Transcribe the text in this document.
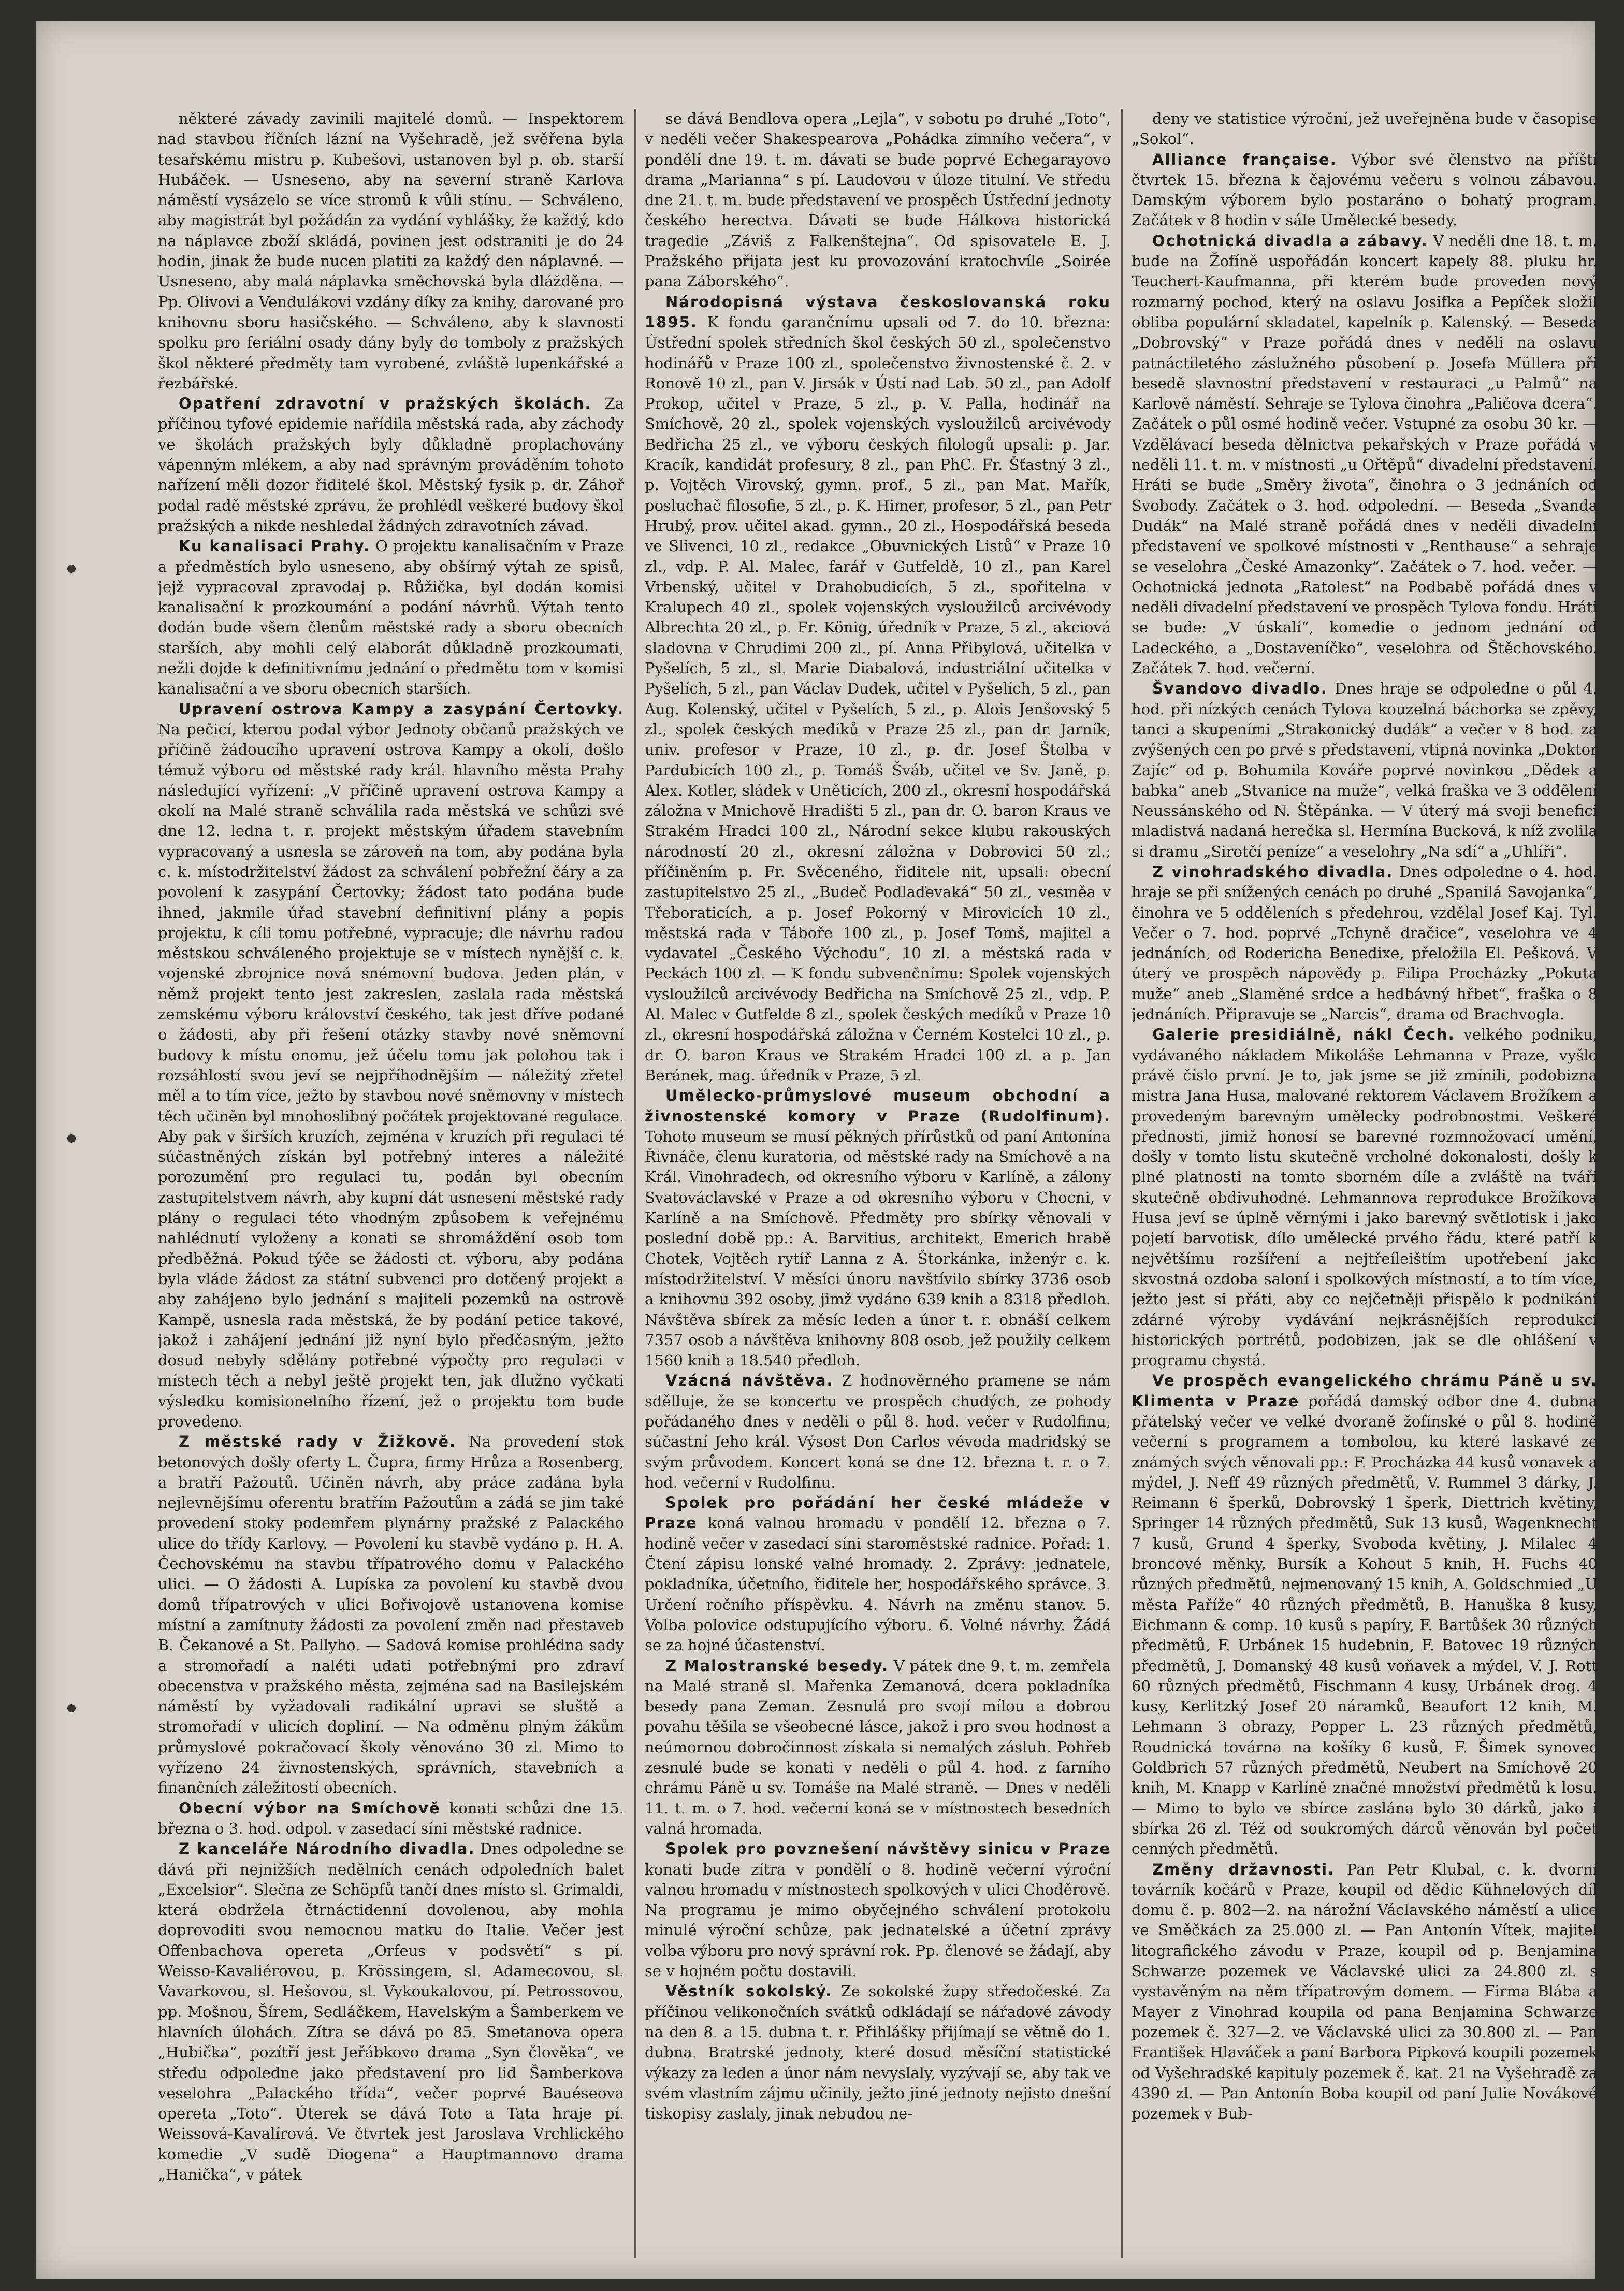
některé závady zavinili majitelé domů. — Inspektorem nad stavbou říčních lázní na Vyšehradě, jež svěřena byla tesařskému mistru p. Kubešovi, ustanoven byl p. ob. starší Hubáček. — Usneseno, aby na severní straně Karlova náměstí vysázelo se více stromů k vůli stínu. — Schváleno, aby magistrát byl požádán za vydání vyhlášky, že každý, kdo na náplavce zboží skládá, povinen jest odstraniti je do 24 hodin, jinak že bude nucen platiti za každý den náplavné. — Usneseno, aby malá náplavka směchovská byla dlážděna. — Pp. Olivovi a Vendulákovi vzdány díky za knihy, darované pro knihovnu sboru hasičského. — Schváleno, aby k slavnosti spolku pro feriální osady dány byly do tomboly z pražských škol některé předměty tam vyrobené, zvláště lupenkářské a řezbářské.

Opatření zdravotní v pražských školách. Za příčinou tyfové epidemie nařídila městská rada, aby záchody ve školách pražských byly důkladně proplachovány vápenným mlékem, a aby nad správným prováděním tohoto nařízení měli dozor řiditelé škol. Městský fysik p. dr. Záhoř podal radě městské zprávu, že prohlédl veškeré budovy škol pražských a nikde neshledal žádných zdravotních závad.

Ku kanalisaci Prahy. O projektu kanalisačním v Praze a předměstích bylo usneseno, aby obšírný výtah ze spisů, jejž vypracoval zpravodaj p. Růžička, byl dodán komisi kanalisační k prozkoumání a podání návrhů. Výtah tento dodán bude všem členům městské rady a sboru obecních starších, aby mohli celý elaborát důkladně prozkoumati, nežli dojde k definitivnímu jednání o předmětu tom v komisi kanalisační a ve sboru obecních starších.

Upravení ostrova Kampy a zasypání Čertovky. Na pečicí, kterou podal výbor Jednoty občanů pražských ve příčině žádoucího upravení ostrova Kampy a okolí, došlo témuž výboru od městské rady král. hlavního města Prahy následující vyřízení: „V příčině upravení ostrova Kampy a okolí na Malé straně schválila rada městská ve schůzi své dne 12. ledna t. r. projekt městským úřadem stavebním vypracovaný a usnesla se zároveň na tom, aby podána byla c. k. místodržitelství žádost za schválení pobřežní čáry a za povolení k zasypání Čertovky; žádost tato podána bude ihned, jakmile úřad stavební definitivní plány a popis projektu, k cíli tomu potřebné, vypracuje; dle návrhu radou městskou schváleného projektuje se v místech nynější c. k. vojenské zbrojnice nová snémovní budova. Jeden plán, v němž projekt tento jest zakreslen, zaslala rada městská zemskému výboru království českého, tak jest dříve podané o žádosti, aby při řešení otázky stavby nové sněmovní budovy k místu onomu, jež účelu tomu jak polohou tak i rozsáhlostí svou jeví se nejpříhodnějším — náležitý zřetel měl a to tím více, ježto by stavbou nové sněmovny v místech těch učiněn byl mnohoslibný počátek projektované regulace. Aby pak v širších kruzích, zejména v kruzích při regulaci té súčastněných získán byl potřebný interes a náležité porozumění pro regulaci tu, podán byl obecním zastupitelstvem návrh, aby kupní dát usnesení městské rady plány o regulaci této vhodným způsobem k veřejnému nahlédnutí vyloženy a konati se shromáždění osob tom předběžná. Pokud týče se žádosti ct. výboru, aby podána byla vláde žádost za státní subvenci pro dotčený projekt a aby zahájeno bylo jednání s majiteli pozemků na ostrově Kampě, usnesla rada městská, že by podání petice takové, jakož i zahájení jednání již nyní bylo předčasným, ježto dosud nebyly sdělány potřebné výpočty pro regulaci v místech těch a nebyl ještě projekt ten, jak dlužno vyčkati výsledku komisionelního řízení, jež o projektu tom bude provedeno.

Z městské rady v Žižkově. Na provedení stok betonových došly oferty L. Čupra, firmy Hrůza a Rosenberg, a bratří Pažoutů. Učiněn návrh, aby práce zadána byla nejlevnějšímu oferentu bratřím Pažoutům a zádá se jim také provedení stoky podemřem plynárny pražské z Palackého ulice do třídy Karlovy. — Povolení ku stavbě vydáno p. H. A. Čechovskému na stavbu třípatrového domu v Palackého ulici. — O žádosti A. Lupíska za povolení ku stavbě dvou domů třípatrových v ulici Bořivojově ustanovena komise místní a zamítnuty žádosti za povolení změn nad přestaveb B. Čekanové a St. Pallyho. — Sadová komise prohlédna sady a stromořadí a naléti udati potřebnými pro zdraví obecenstva v pražského města, zejména sad na Basilejském náměstí by vyžadovali radikální upravi se sluště a stromořadí v ulicích dopliní. — Na odměnu plným žákům průmyslové pokračovací školy věnováno 30 zl. Mimo to vyřízeno 24 živnostenských, správních, stavebních a finančních záležitostí obecních.

Obecní výbor na Smíchově konati schůzi dne 15. března o 3. hod. odpol. v zasedací síni městské radnice.

Z kanceláře Národního divadla. Dnes odpoledne se dává při nejnižších nedělních cenách odpoledních balet „Excelsior“. Slečna ze Schöpfů tančí dnes místo sl. Grimaldi, která obdržela čtrnáctidenní dovolenou, aby mohla doprovoditi svou nemocnou matku do Italie. Večer jest Offenbachova opereta „Orfeus v podsvětí“ s pí. Weisso‑Kavaliérovou, p. Krössingem, sl. Adamecovou, sl. Vavarkovou, sl. Hešovou, sl. Vykoukalovou, pí. Petrossovou, pp. Mošnou, Šírem, Sedláčkem, Havelským a Šamberkem ve hlavních úlohách. Zítra se dává po 85. Smetanova opera „Hubička“, pozítří jest Jeřábkovo drama „Syn člověka“, ve středu odpoledne jako představení pro lid Šamberkova veselohra „Palackého třída“, večer poprvé Bauéseova opereta „Toto“. Úterek se dává Toto a Tata hraje pí. Weissová‑Kavalírová. Ve čtvrtek jest Jaroslava Vrchlického komedie „V sudě Diogena“ a Hauptmannovo drama „Hanička“, v pátek

se dává Bendlova opera „Lejla“, v sobotu po druhé „Toto“, v neděli večer Shakespearova „Pohádka zimního večera“, v pondělí dne 19. t. m. dávati se bude poprvé Echegarayovo drama „Marianna“ s pí. Laudovou v úloze titulní. Ve středu dne 21. t. m. bude představení ve prospěch Ústřední jednoty českého herectva. Dávati se bude Hálkova historická tragedie „Záviš z Falkenštejna“. Od spisovatele E. J. Pražského přijata jest ku provozování kratochvíle „Soirée pana Záborského“.

Národopisná výstava českoslovanská roku 1895. K fondu garančnímu upsali od 7. do 10. března: Ústřední spolek středních škol českých 50 zl., společenstvo hodinářů v Praze 100 zl., společenstvo živnostenské č. 2. v Ronově 10 zl., pan V. Jirsák v Ústí nad Lab. 50 zl., pan Adolf Prokop, učitel v Praze, 5 zl., p. V. Palla, hodinář na Smíchově, 20 zl., spolek vojenských vysloužilců arcivévody Bedřicha 25 zl., ve výboru českých filologů upsali: p. Jar. Kracík, kandidát profesury, 8 zl., pan PhC. Fr. Šťastný 3 zl., p. Vojtěch Virovský, gymn. prof., 5 zl., pan Mat. Mařík, posluchač filosofie, 5 zl., p. K. Himer, profesor, 5 zl., pan Petr Hrubý, prov. učitel akad. gymn., 20 zl., Hospodářská beseda ve Slivenci, 10 zl., redakce „Obuvnických Listů“ v Praze 10 zl., vdp. P. Al. Malec, farář v Gutfeldě, 10 zl., pan Karel Vrbenský, učitel v Drahobudicích, 5 zl., spořitelna v Kralupech 40 zl., spolek vojenských vysloužilců arcivévody Albrechta 20 zl., p. Fr. König, úředník v Praze, 5 zl., akciová sladovna v Chrudimi 200 zl., pí. Anna Přibylová, učitelka v Pyšelích, 5 zl., sl. Marie Diabalová, industriální učitelka v Pyšelích, 5 zl., pan Václav Dudek, učitel v Pyšelích, 5 zl., pan Aug. Kolenský, učitel v Pyšelích, 5 zl., p. Alois Jenšovský 5 zl., spolek českých medíků v Praze 25 zl., pan dr. Jarník, univ. profesor v Praze, 10 zl., p. dr. Josef Štolba v Pardubicích 100 zl., p. Tomáš Šváb, učitel ve Sv. Janě, p. Alex. Kotler, sládek v Uněticích, 200 zl., okresní hospodářská záložna v Mnichově Hradišti 5 zl., pan dr. O. baron Kraus ve Strakém Hradci 100 zl., Národní sekce klubu rakouských národností 20 zl., okresní záložna v Dobrovici 50 zl.; příčiněním p. Fr. Svěceného, řiditele nit, upsali: obecní zastupitelstvo 25 zl., „Budeč Podlaďevaká“ 50 zl., vesměa v Třeboraticích, a p. Josef Pokorný v Mirovicích 10 zl., městská rada v Táboře 100 zl., p. Josef Tomš, majitel a vydavatel „Českého Východu“, 10 zl. a městská rada v Peckách 100 zl. — K fondu subvenčnímu: Spolek vojenských vysloužilců arcivévody Bedřicha na Smíchově 25 zl., vdp. P. Al. Malec v Gutfelde 8 zl., spolek českých medíků v Praze 10 zl., okresní hospodářská záložna v Černém Kostelci 10 zl., p. dr. O. baron Kraus ve Strakém Hradci 100 zl. a p. Jan Beránek, mag. úředník v Praze, 5 zl.

Umělecko‑průmyslové museum obchodní a živnostenské komory v Praze (Rudolfinum). Tohoto museum se musí pěkných přírůstků od paní Antonína Řivnáče, členu kuratoria, od městské rady na Smíchově a na Král. Vinohradech, od okresního výboru v Karlíně, a zálony Svatováclavské v Praze a od okresního výboru v Chocni, v Karlíně a na Smíchově. Předměty pro sbírky věnovali v poslední době pp.: A. Barvitius, architekt, Emerich hrabě Chotek, Vojtěch rytíř Lanna z A. Štorkánka, inženýr c. k. místodržitelství. V měsíci únoru navštívilo sbírky 3736 osob a knihovnu 392 osoby, jimž vydáno 639 knih a 8318 předloh. Návštěva sbírek za měsíc leden a únor t. r. obnáší celkem 7357 osob a návštěva knihovny 808 osob, jež použily celkem 1560 knih a 18.540 předloh.

Vzácná návštěva. Z hodnověrného pramene se nám sdělluje, že se koncertu ve prospěch chudých, ze pohody pořádaného dnes v neděli o půl 8. hod. večer v Rudolfinu, súčastní Jeho král. Výsost Don Carlos vévoda madridský se svým průvodem. Koncert koná se dne 12. března t. r. o 7. hod. večerní v Rudolfinu.

Spolek pro pořádání her české mládeže v Praze koná valnou hromadu v pondělí 12. března o 7. hodině večer v zasedací síni staroměstské radnice. Pořad: 1. Čtení zápisu lonské valné hromady. 2. Zprávy: jednatele, pokladníka, účetního, řiditele her, hospodářského správce. 3. Určení ročního příspěvku. 4. Návrh na změnu stanov. 5. Volba polovice odstupujícího výboru. 6. Volné návrhy. Žádá se za hojné účastenství.

Z Malostranské besedy. V pátek dne 9. t. m. zemřela na Malé straně sl. Mařenka Zemanová, dcera pokladníka besedy pana Zeman. Zesnulá pro svojí mílou a dobrou povahu těšila se všeobecné lásce, jakož i pro svou hodnost a neúmornou dobročinnost získala si nemalých zásluh. Pohřeb zesnulé bude se konati v neděli o půl 4. hod. z farního chrámu Páně u sv. Tomáše na Malé straně. — Dnes v neděli 11. t. m. o 7. hod. večerní koná se v místnostech besedních valná hromada.

Spolek pro povznešení návštěvy sinicu v Praze konati bude zítra v pondělí o 8. hodině večerní výroční valnou hromadu v místnostech spolkových v ulici Choděrově. Na programu je mimo obyčejného schválení protokolu minulé výroční schůze, pak jednatelské a účetní zprávy volba výboru pro nový správní rok. Pp. členové se žádají, aby se v hojném počtu dostavili.

Věstník sokolský. Ze sokolské župy středočeské. Za příčinou velikonočních svátků odkládají se náŕadové závody na den 8. a 15. dubna t. r. Přihlášky přijímají se větně do 1. dubna. Bratrské jednoty, které dosud měsíční statistické výkazy za leden a únor nám nevyslaly, vyzývají se, aby tak ve svém vlastním zájmu učinily, ježto jiné jednoty nejisto dnešní tiskopisy zaslaly, jinak nebudou ne-

deny ve statistice výroční, jež uveřejněna bude v časopise „Sokol“.

Alliance française. Výbor své členstvo na příští čtvrtek 15. března k čajovému večeru s volnou zábavou. Damským výborem bylo postaráno o bohatý program. Začátek v 8 hodin v sále Umělecké besedy.

Ochotnická divadla a zábavy. V neděli dne 18. t. m. bude na Žofíně uspořádán koncert kapely 88. pluku hr. Teuchert‑Kaufmanna, při kterém bude proveden nový rozmarný pochod, který na oslavu Josifka a Pepíček složil obliba populární skladatel, kapelník p. Kalenský. — Beseda „Dobrovský“ v Praze pořádá dnes v neděli na oslavu patnáctiletého záslužného působení p. Josefa Müllera při besedě slavnostní představení v restauraci „u Palmů“ na Karlově náměstí. Sehraje se Tylova činohra „Paličova dcera“. Začátek o půl osmé hodině večer. Vstupné za osobu 30 kr. — Vzdělávací beseda dělnictva pekařských v Praze pořádá v neděli 11. t. m. v místnosti „u Ořtěpů“ divadelní představení. Hráti se bude „Směry života“, činohra o 3 jednáních od Svobody. Začátek o 3. hod. odpolední. — Beseda „Svanda Dudák“ na Malé straně pořádá dnes v neděli divadelní představení ve spolkové místnosti v „Renthause“ a sehraje se veselohra „České Amazonky“. Začátek o 7. hod. večer. — Ochotnická jednota „Ratolest“ na Podbabě pořádá dnes v neděli divadelní představení ve prospěch Tylova fondu. Hráti se bude: „V úskalí“, komedie o jednom jednání od Ladeckého, a „Dostaveníčko“, veselohra od Štěchovského. Začátek 7. hod. večerní.

Švandovo divadlo. Dnes hraje se odpoledne o půl 4. hod. při nízkých cenách Tylova kouzelná báchorka se zpěvy, tanci a skupeními „Strakonický dudák“ a večer v 8 hod. za zvýšených cen po prvé s představení, vtipná novinka „Doktor Zajíc“ od p. Bohumila Kováře poprvé novinkou „Dědek a babka“ aneb „Stvanice na muže“, velká fraška ve 3 oddělení Neussánského od N. Štěpánka. — V úterý má svoji benefici mladistvá nadaná herečka sl. Hermína Bucková, k níž zvolila si dramu „Sirotčí peníze“ a veselohry „Na sdí“ a „Uhlíři“.

Z vinohradského divadla. Dnes odpoledne o 4. hod. hraje se při snížených cenách po druhé „Spanilá Savojanka“, činohra ve 5 odděleních s předehrou, vzdělal Josef Kaj. Tyl. Večer o 7. hod. poprvé „Tchyně dračice“, veselohra ve 4 jednáních, od Roderichа Benedixe, přeložila El. Pešková. V úterý ve prospěch nápovědy p. Filipa Procházky „Pokuta muže“ aneb „Slaměné srdce a hedbávný hřbet“, fraška o 8 jednáních. Připravuje se „Narcis“, drama od Brachvogla.

Galerie presidiálně, nákl Čech. velkého podniku, vydávaného nákladem Mikoláše Lehmanna v Praze, vyšlo právě číslo první. Je to, jak jsme se již zmínili, podobizna mistra Jana Husa, malované rektorem Václavem Brožíkem a provedeným barevným umělecky podrobnostmi. Veškeré přednosti, jimiž honosí se barevné rozmnožovací umění, došly v tomto listu skutečně vrcholné dokonalosti, došly k plné platnosti na tomto sborném díle a zvláště na tváři skutečně obdivuhodné. Lehmannova reprodukce Brožíkova Husa jeví se úplně věrnými i jako barevný světlotisk i jako pojetí barvotisk, dílo umělecké prvého řádu, které patří k největšímu rozšíření a nejtřeíleištím upotřebení jako skvostná ozdoba saloní i spolkových místností, a to tím více, ježto jest si přáti, aby co nejčetněji přispělo k podnikání zdárné výroby vydávání nejkrásnějších reprodukcí historických portrétů, podobizen, jak se dle ohlášení v programu chystá.

Ve prospěch evangelického chrámu Páně u sv. Klimenta v Praze pořádá damský odbor dne 4. dubna přátelský večer ve velké dvoraně žofínské o půl 8. hodině večerní s programem a tombolou, ku které laskavé ze známých svých věnovali pp.: F. Procházka 44 kusů vonavek a mýdel, J. Neff 49 různých předmětů, V. Rummel 3 dárky, J. Reimann 6 šperků, Dobrovský 1 šperk, Diettrich květiny, Springer 14 různých předmětů, Suk 13 kusů, Wagenknecht 7 kusů, Grund 4 šperky, Svoboda květiny, J. Milalec 4 broncové měnky, Bursík a Kohout 5 knih, H. Fuchs 40 různých předmětů, nejmenovaný 15 knih, A. Goldschmied „U města Paříže“ 40 různých předmětů, B. Hanuška 8 kusy, Eichmann & comp. 10 kusů s papíry, F. Bartůšek 30 různých předmětů, F. Urbánek 15 hudebnin, F. Batovec 19 různých předmětů, J. Domanský 48 kusů voňavek a mýdel, V. J. Rott 60 různých předmětů, Fischmann 4 kusy, Urbánek drog. 4 kusy, Kerlitzký Josef 20 náramků, Beaufort 12 knih, M. Lehmann 3 obrazy, Popper L. 23 různých předmětů, Roudnická továrna na košíky 6 kusů, F. Šimek synovec Goldbrich 57 různých předmětů, Neubert na Smíchově 20 knih, M. Knapp v Karlíně značné množství předmětů k losu. — Mimo to bylo ve sbírce zaslána bylo 30 dárků, jako i sbírka 26 zl. Též od soukromých dárců věnován byl počet cenných předmětů.

Změny državnosti. Pan Petr Klubal, c. k. dvorní továrník kočárů v Praze, koupil od dědic Kühnelových díl domu č. p. 802—2. na nárožní Václavského náměstí a ulice ve Směčkách za 25.000 zl. — Pan Antonín Vítek, majitel litografického závodu v Praze, koupil od p. Benjamina Schwarze pozemek ve Václavské ulici za 24.800 zl. s vystavěným na něm třípatrovým domem. — Firma Blába a Mayer z Vinohrad koupila od pana Benjamina Schwarze pozemek č. 327—2. ve Václavské ulici za 30.800 zl. — Pan František Hlaváček a paní Barbora Pipková koupili pozemek od Vyšehradské kapituly pozemek č. kat. 21 na Vyšehradě za 4390 zl. — Pan Antonín Boba koupil od paní Julie Novákové pozemek v Bub-
